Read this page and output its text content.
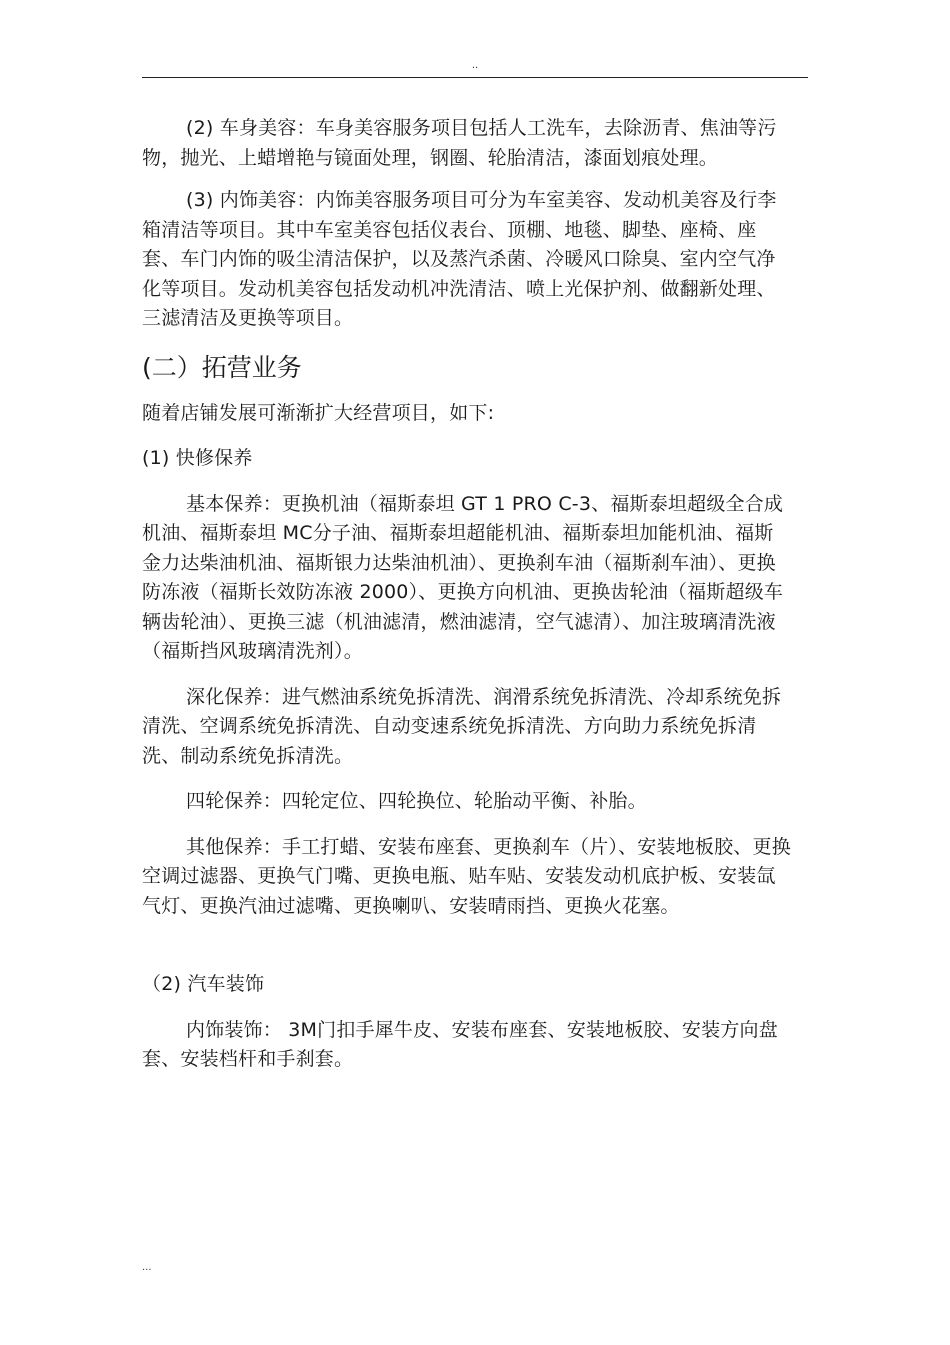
..

(2) 车身美容：车身美容服务项目包括人工洗车，去除沥青、焦油等污物，抛光、上蜡增艳与镜面处理，钢圈、轮胎清洁，漆面划痕处理。

(3) 内饰美容：内饰美容服务项目可分为车室美容、发动机美容及行李箱清洁等项目。其中车室美容包括仪表台、顶棚、地毯、脚垫、座椅、座套、车门内饰的吸尘清洁保护，以及蒸汽杀菌、冷暖风口除臭、室内空气净化等项目。发动机美容包括发动机冲洗清洁、喷上光保护剂、做翻新处理、三滤清洁及更换等项目。

(二）拓营业务

随着店铺发展可渐渐扩大经营项目，如下:

(1) 快修保养

基本保养：更换机油（福斯泰坦 GT 1 PRO C-3、福斯泰坦超级全合成机油、福斯泰坦 MC分子油、福斯泰坦超能机油、福斯泰坦加能机油、福斯金力达柴油机油、福斯银力达柴油机油）、更换刹车油（福斯刹车油）、更换防冻液（福斯长效防冻液 2000）、更换方向机油、更换齿轮油（福斯超级车辆齿轮油）、更换三滤（机油滤清，燃油滤清，空气滤清）、加注玻璃清洗液（福斯挡风玻璃清洗剂）。

深化保养：进气燃油系统免拆清洗、润滑系统免拆清洗、冷却系统免拆清洗、空调系统免拆清洗、自动变速系统免拆清洗、方向助力系统免拆清洗、制动系统免拆清洗。

四轮保养：四轮定位、四轮换位、轮胎动平衡、补胎。

其他保养：手工打蜡、安装布座套、更换刹车（片）、安装地板胶、更换空调过滤器、更换气门嘴、更换电瓶、贴车贴、安装发动机底护板、安装氙气灯、更换汽油过滤嘴、更换喇叭、安装晴雨挡、更换火花塞。

（2) 汽车装饰

内饰装饰： 3M门扣手犀牛皮、安装布座套、安装地板胶、安装方向盘套、安装档杆和手刹套。

...
